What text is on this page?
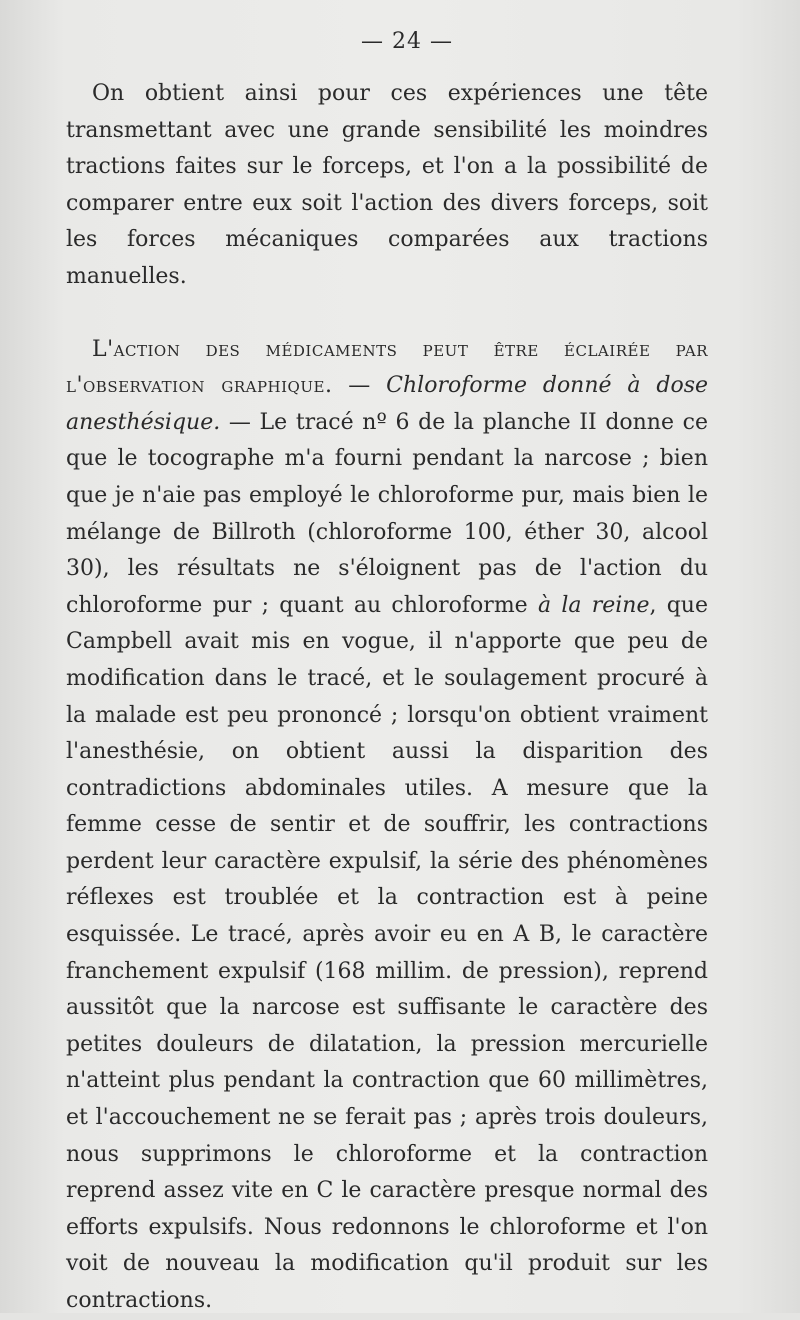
— 24 —

On obtient ainsi pour ces expériences une tête transmettant avec une grande sensibilité les moindres tractions faites sur le forceps, et l'on a la possibilité de comparer entre eux soit l'action des divers forceps, soit les forces mécaniques comparées aux tractions manuelles.

L'action des médicaments peut être éclairée par l'observation graphique. — Chloroforme donné à dose anesthésique. — Le tracé nº 6 de la planche II donne ce que le tocographe m'a fourni pendant la narcose ; bien que je n'aie pas employé le chloroforme pur, mais bien le mélange de Billroth (chloroforme 100, éther 30, alcool 30), les résultats ne s'éloignent pas de l'action du chloroforme pur ; quant au chloroforme à la reine, que Campbell avait mis en vogue, il n'apporte que peu de modification dans le tracé, et le soulagement procuré à la malade est peu prononcé ; lorsqu'on obtient vraiment l'anesthésie, on obtient aussi la disparition des contradictions abdominales utiles. A mesure que la femme cesse de sentir et de souffrir, les contractions perdent leur caractère expulsif, la série des phénomènes réflexes est troublée et la contraction est à peine esquissée. Le tracé, après avoir eu en A B, le caractère franchement expulsif (168 millim. de pression), reprend aussitôt que la narcose est suffisante le caractère des petites douleurs de dilatation, la pression mercurielle n'atteint plus pendant la contraction que 60 millimètres, et l'accouchement ne se ferait pas ; après trois douleurs, nous supprimons le chloroforme et la contraction reprend assez vite en C le caractère presque normal des efforts expulsifs. Nous redonnons le chloroforme et l'on voit de nouveau la modification qu'il produit sur les contractions.
